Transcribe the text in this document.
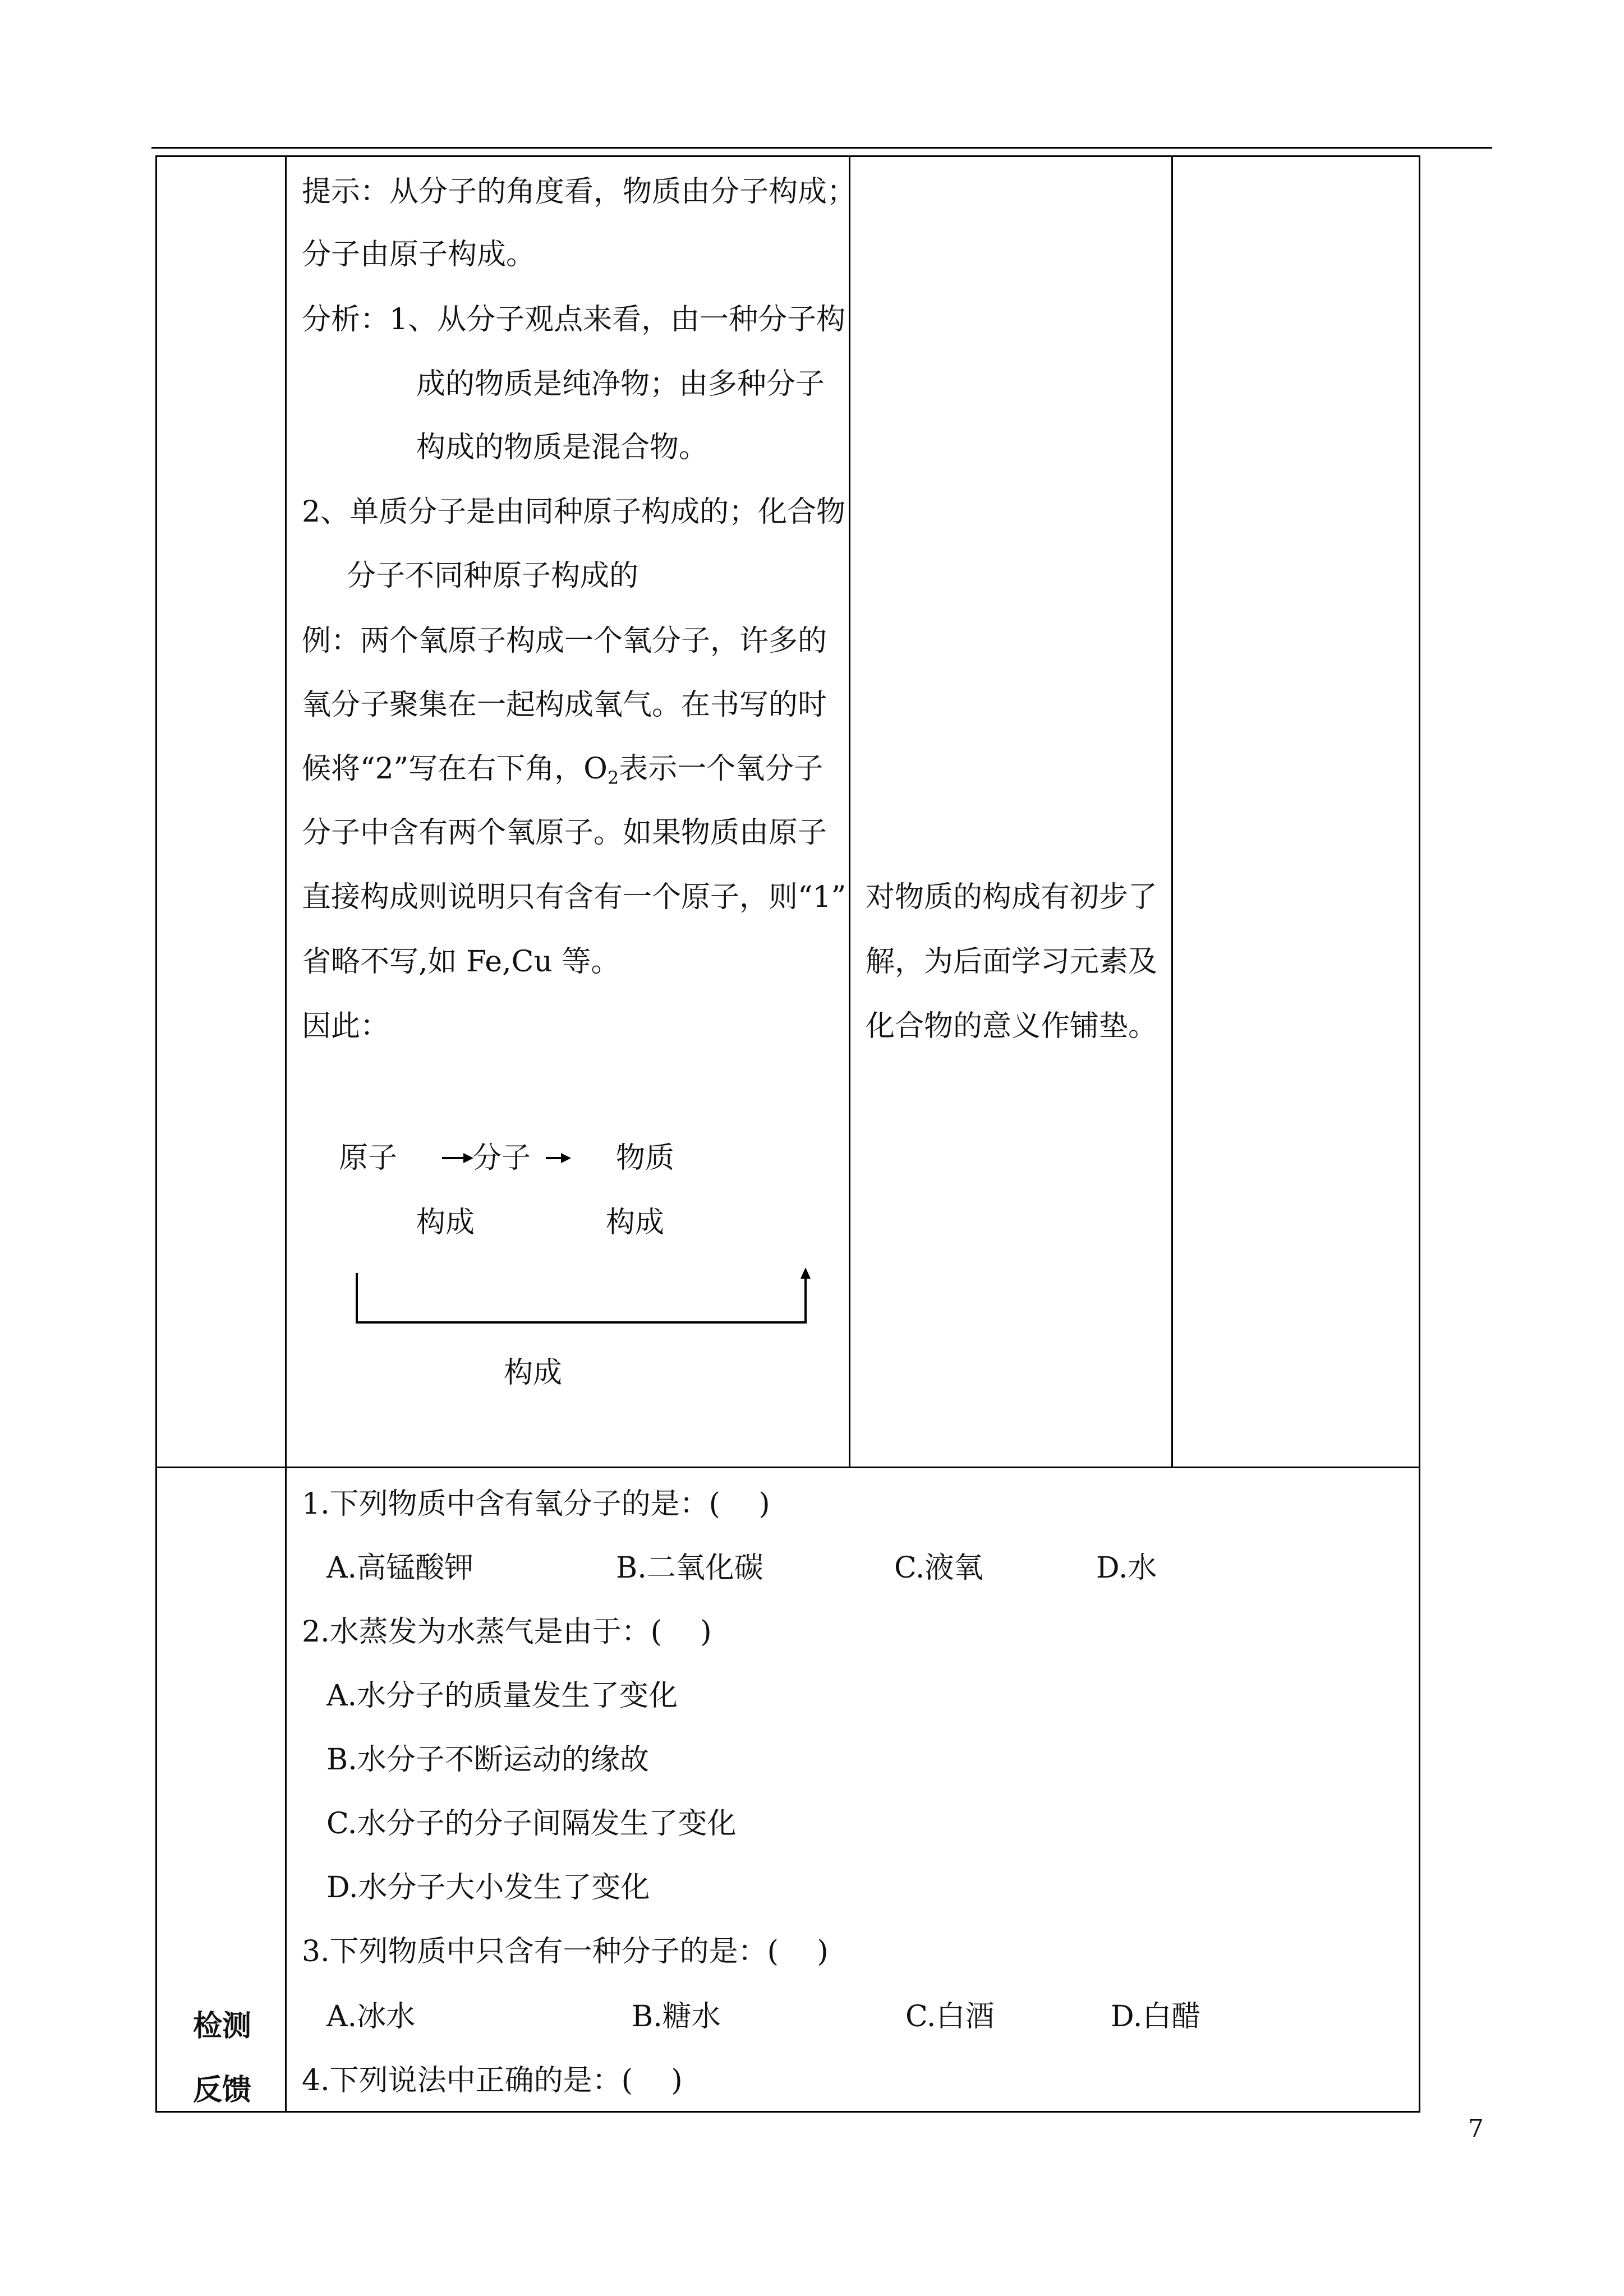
提示：从分子的角度看，物质由分子构成；
分子由原子构成。
分析：1、从分子观点来看，由一种分子构
成的物质是纯净物；由多种分子
构成的物质是混合物。
2、单质分子是由同种原子构成的；化合物
分子不同种原子构成的
例：两个氧原子构成一个氧分子，许多的
氧分子聚集在一起构成氧气。在书写的时
候将“2”写在右下角，$O_2$表示一个氧分子
分子中含有两个氧原子。如果物质由原子
直接构成则说明只有含有一个原子，则“1”
省略不写,如 Fe,Cu 等。
因此：
原子	分子	物质
构成	构成
构成
对物质的构成有初步了
解，为后面学习元素及
化合物的意义作铺垫。
检测
反馈
1.下列物质中含有氧分子的是：(　 )
A.高锰酸钾	B.二氧化碳	C.液氧	D.水
2.水蒸发为水蒸气是由于：(　 )
A.水分子的质量发生了变化
B.水分子不断运动的缘故
C.水分子的分子间隔发生了变化
D.水分子大小发生了变化
3.下列物质中只含有一种分子的是：(　 )
A.冰水	B.糖水	C.白酒	D.白醋
4.下列说法中正确的是：(　 )
7
